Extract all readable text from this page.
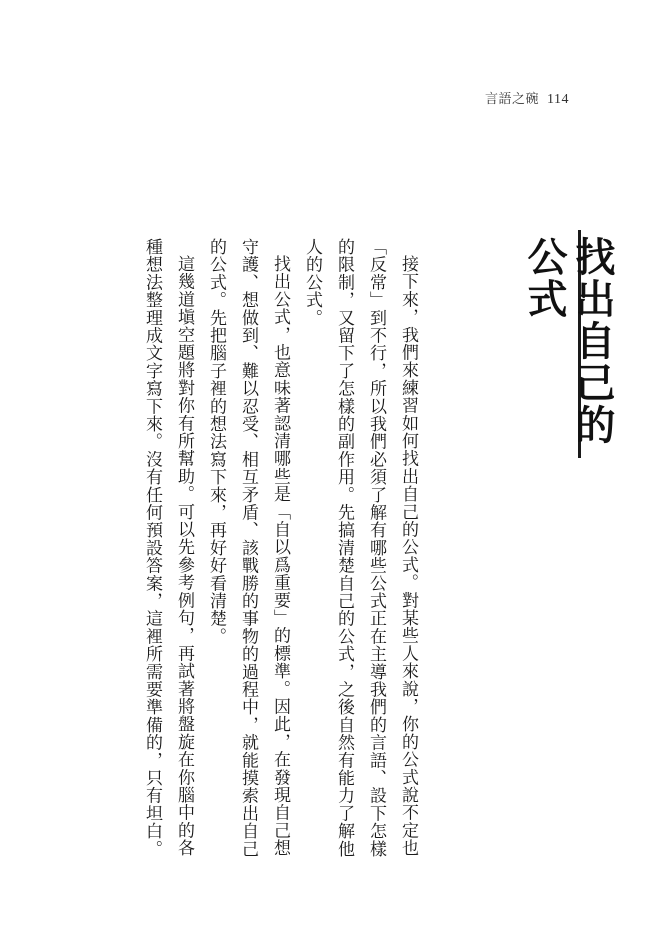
言語之碗 114
找出自己的公式

接下來，我們來練習如何找出自己的公式。對某些人來說，你的公式說不定也「反常」到不行，所以我們必須了解有哪些公式正在主導我們的言語、設下怎樣的限制，又留下了怎樣的副作用。先搞清楚自己的公式，之後自然有能力了解他人的公式。

找出公式，也意味著認清哪些是「自以爲重要」的標準。因此，在發現自己想守護、想做到、難以忍受、相互矛盾、該戰勝的事物的過程中，就能摸索出自己的公式。先把腦子裡的想法寫下來，再好好看清楚。

這幾道塡空題將對你有所幫助。可以先參考例句，再試著將盤旋在你腦中的各種想法整理成文字寫下來。沒有任何預設答案，這裡所需要準備的，只有坦白。
